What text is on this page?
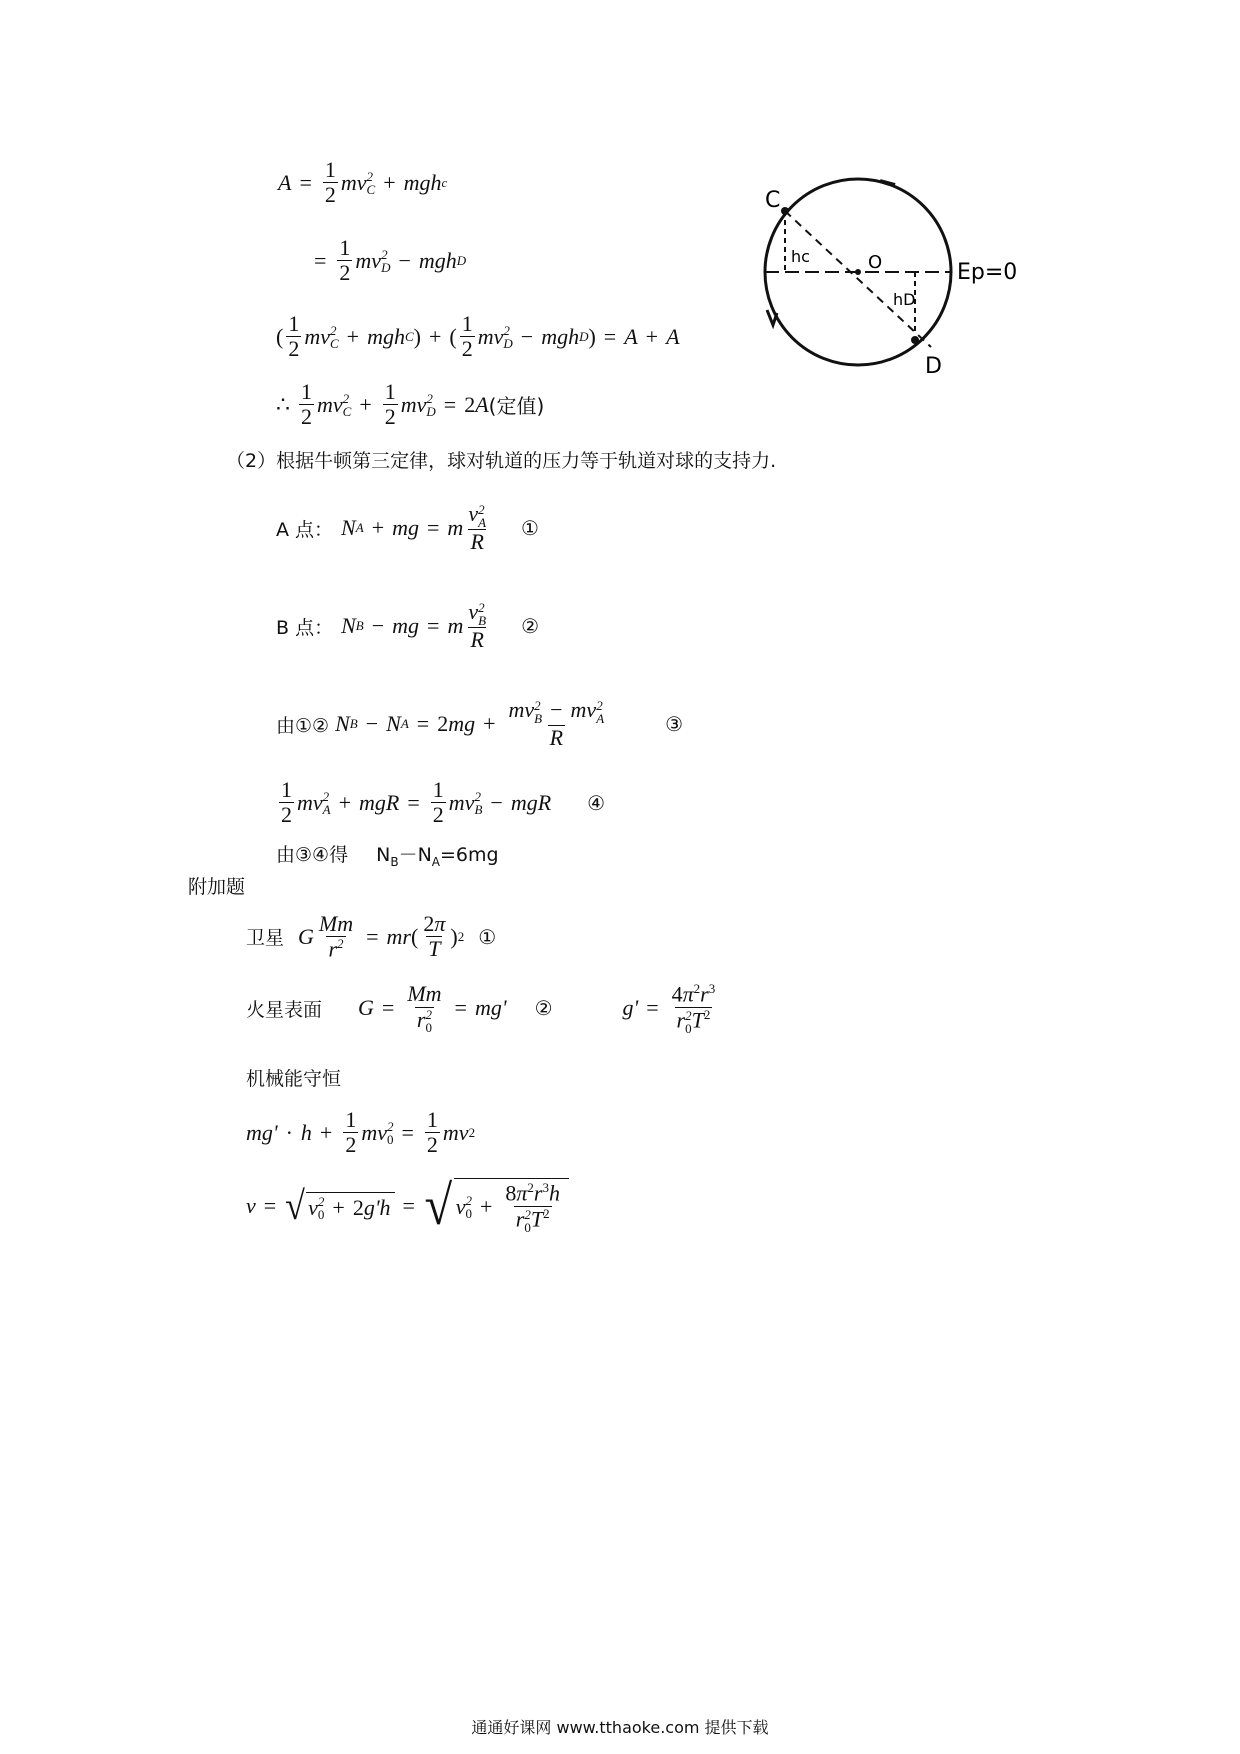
$A = \frac{1}{2}$ mv 2
C + mgh c
= $\frac{1}{2}$ mv 2
D − mgh D
( $\frac{1}{2}$ mv 2
C + mgh C ) + ( $\frac{1}{2}$ mv 2
D − mgh D ) = A + A
∴ $\frac{1}{2}$ mv 2
$C + \frac{1}{2}$ mv 2
D = 2 A (定值)
C
D
O
hc
hD
Ep=0
（2）根据牛顿第三定律，球对轨道的压力等于轨道对球的支持力.
A 点： N A + mg = m v 2
A
R ①
B 点： N B − mg = m v 2
B
R ②
由①② N B − N A = 2 mg + mv 2
B − mv 2
A
R	③
$\frac{1}{2}$ mv 2
A + mgR = $\frac{1}{2}$ mv 2
B − mgR ④
由③④得 $N_B-N_A=6mg$
附加题
卫星 G $\frac{Mm}{r^2}$ = mr ( $\frac{2\pi}{T}$ ) 2 ①
火星表面 G = Mm
r 2
0 = mg' ②	$g' = 4\pi^2r^3$
r 2
0 $T^2$
机械能守恒
$mg' \cdot h + \frac{1}{2}$ mv 2
$0 = \frac{1}{2}$ mv 2
v = √ v 2
0 + 2 g'h = √ v 2
$0 + 8\pi^2r^3h$
r 2
0 $T^2$
通通好课网 www.tthaoke.com 提供下载
